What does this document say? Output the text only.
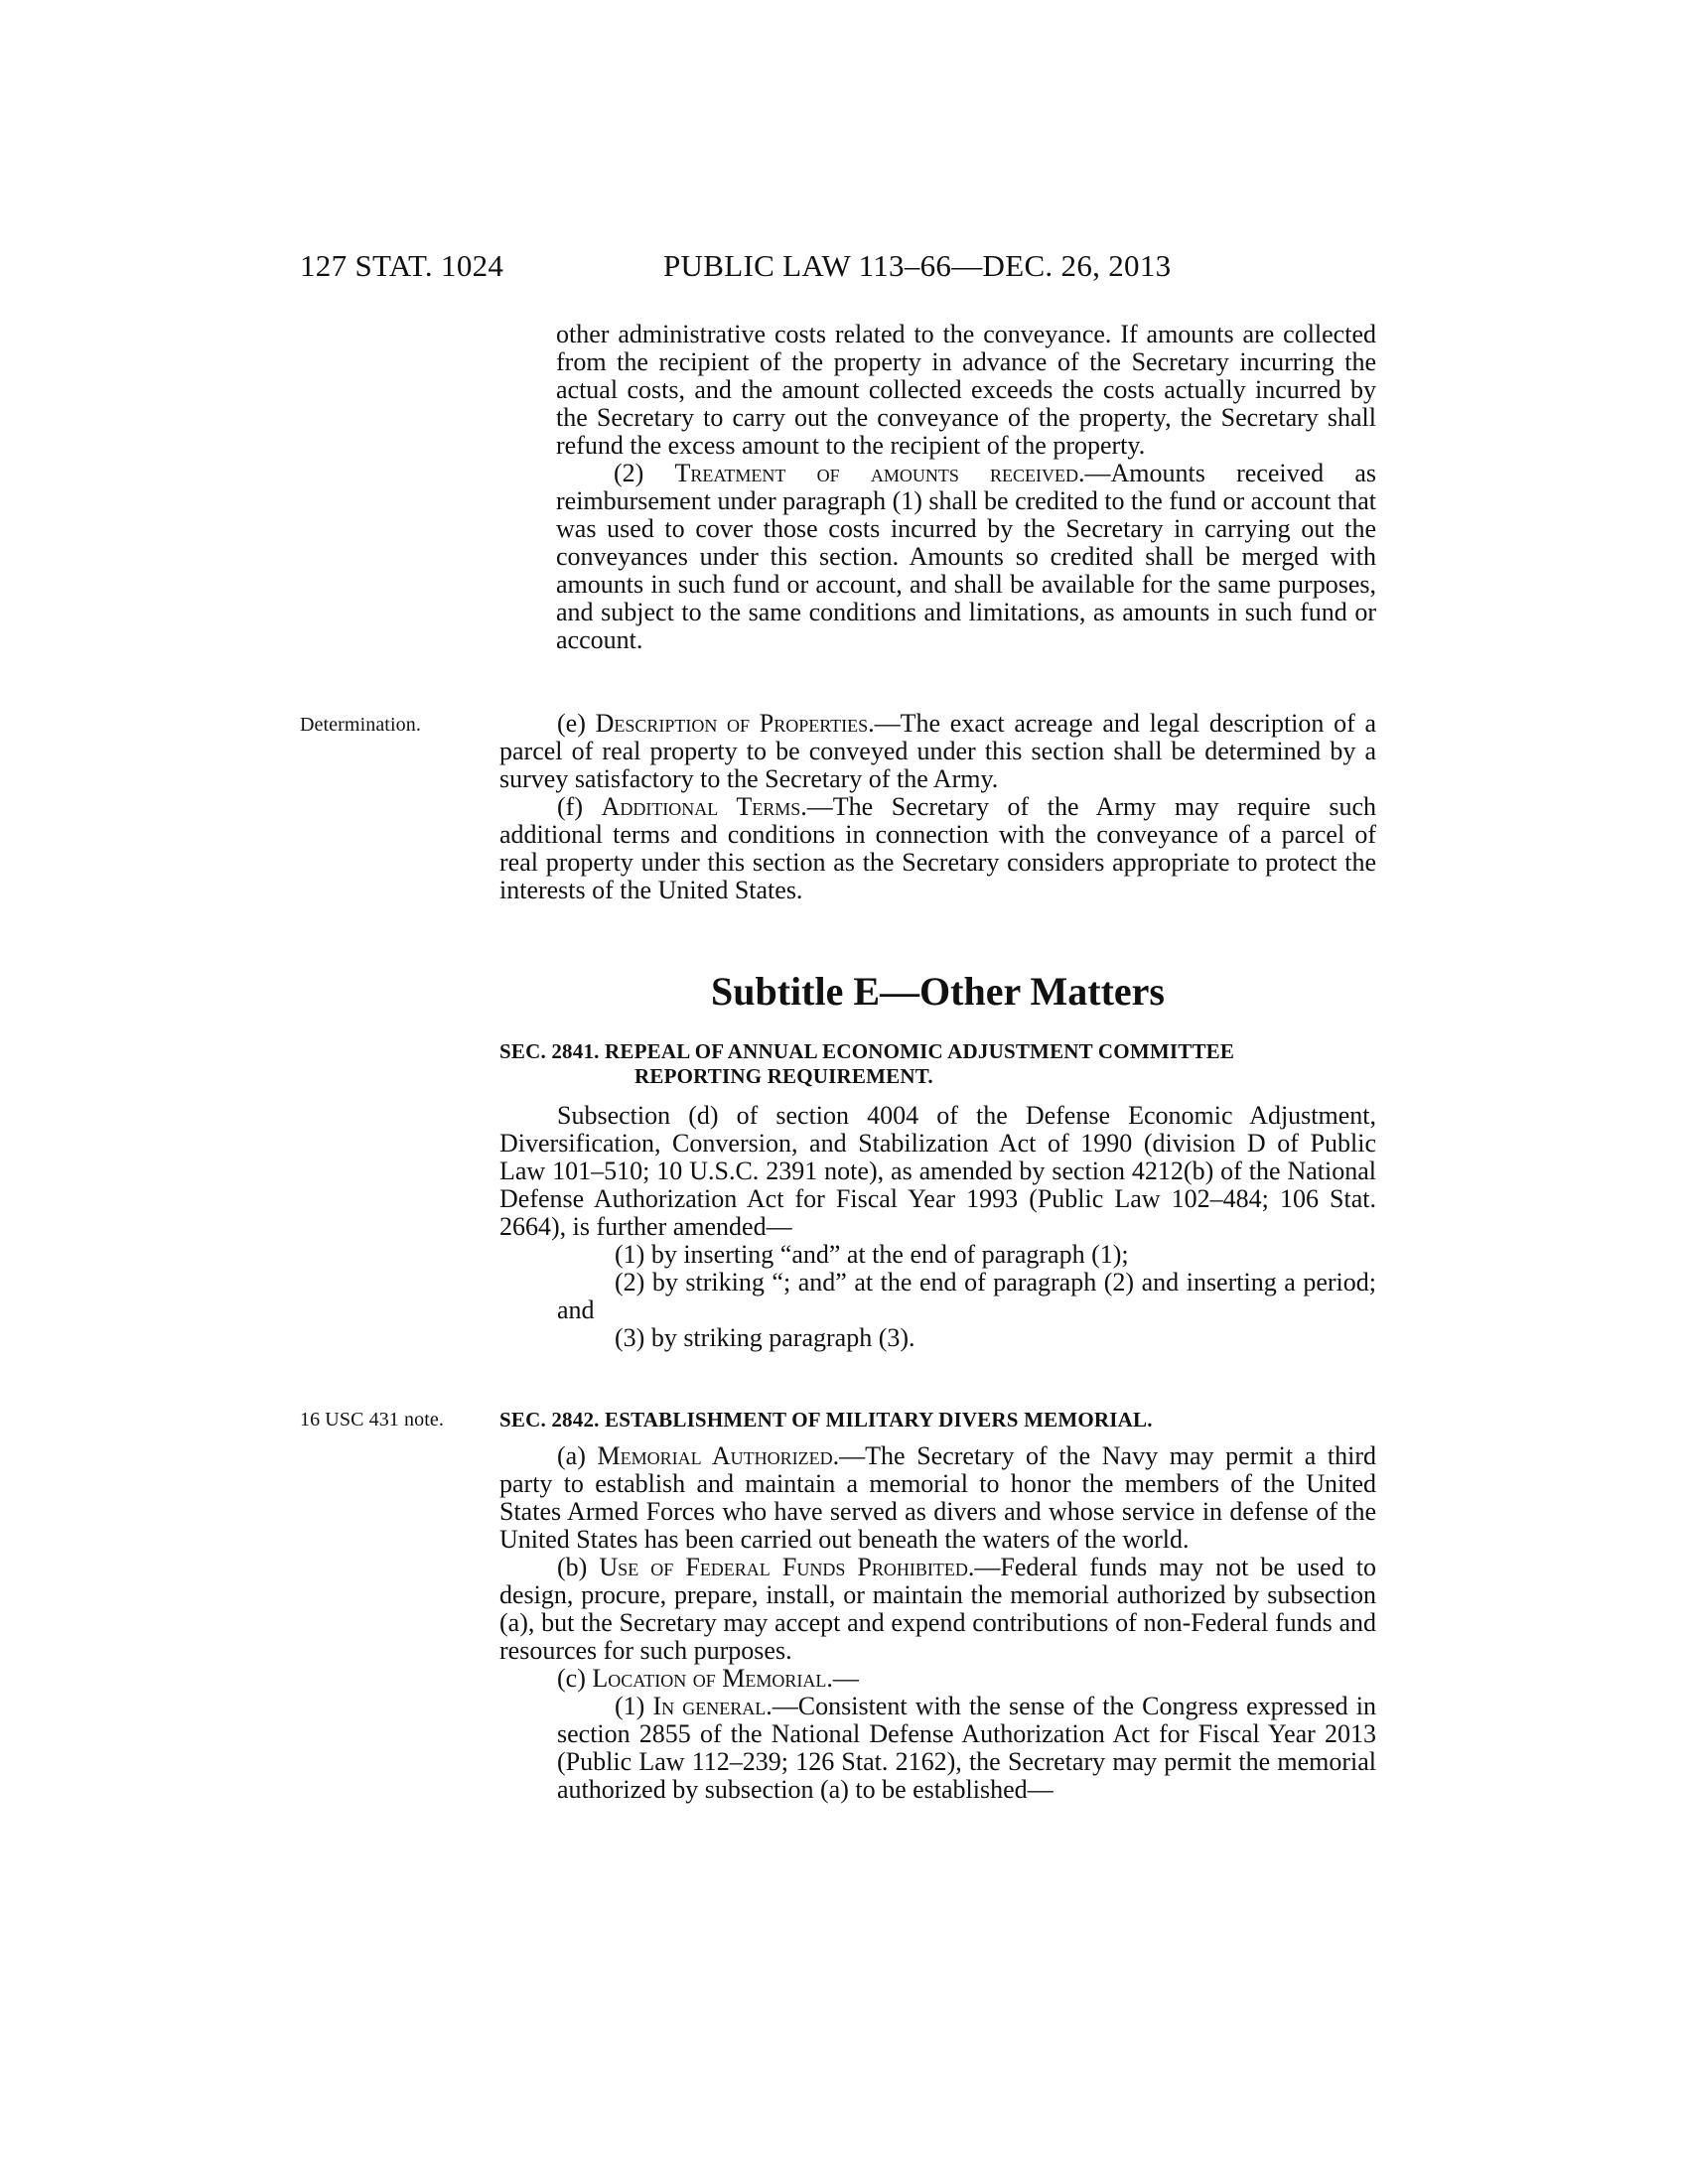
127 STAT. 1024	PUBLIC LAW 113–66—DEC. 26, 2013
Determination.
16 USC 431 note.

other administrative costs related to the conveyance. If amounts are collected from the recipient of the property in advance of the Secretary incurring the actual costs, and the amount collected exceeds the costs actually incurred by the Secretary to carry out the conveyance of the property, the Secretary shall refund the excess amount to the recipient of the property.

(2) Treatment of amounts received.—Amounts received as reimbursement under paragraph (1) shall be credited to the fund or account that was used to cover those costs incurred by the Secretary in carrying out the conveyances under this section. Amounts so credited shall be merged with amounts in such fund or account, and shall be available for the same purposes, and subject to the same conditions and limitations, as amounts in such fund or account.

(e) Description of Properties.—The exact acreage and legal description of a parcel of real property to be conveyed under this section shall be determined by a survey satisfactory to the Secretary of the Army.

(f) Additional Terms.—The Secretary of the Army may require such additional terms and conditions in connection with the conveyance of a parcel of real property under this section as the Secretary considers appropriate to protect the interests of the United States.

Subtitle E—Other Matters
SEC. 2841. REPEAL OF ANNUAL ECONOMIC ADJUSTMENT COMMITTEE
REPORTING REQUIREMENT.

Subsection (d) of section 4004 of the Defense Economic Adjustment, Diversification, Conversion, and Stabilization Act of 1990 (division D of Public Law 101–510; 10 U.S.C. 2391 note), as amended by section 4212(b) of the National Defense Authorization Act for Fiscal Year 1993 (Public Law 102–484; 106 Stat. 2664), is further amended—

(1) by inserting “and” at the end of paragraph (1);

(2) by striking “; and” at the end of paragraph (2) and inserting a period; and

(3) by striking paragraph (3).

SEC. 2842. ESTABLISHMENT OF MILITARY DIVERS MEMORIAL.

(a) Memorial Authorized.—The Secretary of the Navy may permit a third party to establish and maintain a memorial to honor the members of the United States Armed Forces who have served as divers and whose service in defense of the United States has been carried out beneath the waters of the world.

(b) Use of Federal Funds Prohibited.—Federal funds may not be used to design, procure, prepare, install, or maintain the memorial authorized by subsection (a), but the Secretary may accept and expend contributions of non-Federal funds and resources for such purposes.

(c) Location of Memorial.—

(1) In general.—Consistent with the sense of the Congress expressed in section 2855 of the National Defense Authorization Act for Fiscal Year 2013 (Public Law 112–239; 126 Stat. 2162), the Secretary may permit the memorial authorized by subsection (a) to be established—
